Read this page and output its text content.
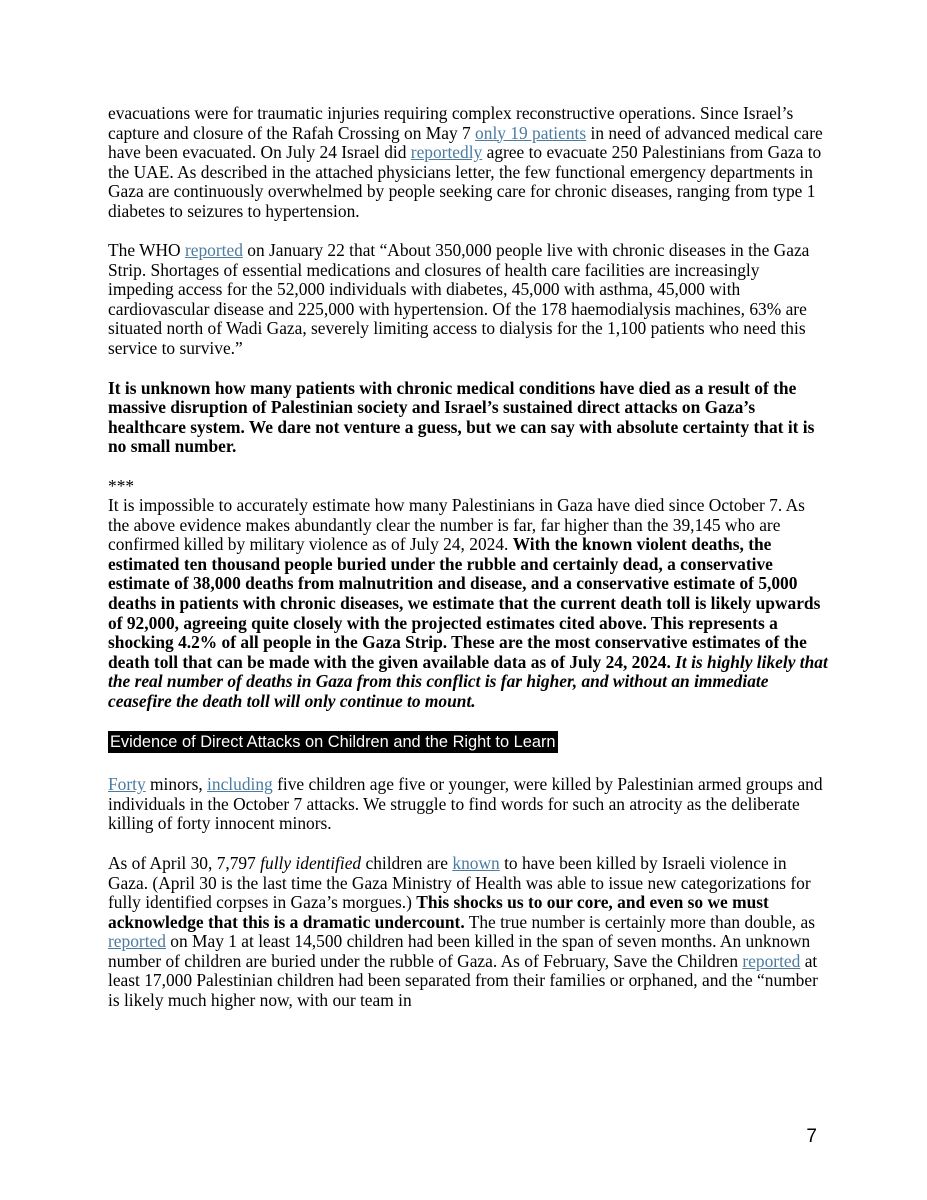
evacuations were for traumatic injuries requiring complex reconstructive operations. Since Israel’s capture and closure of the Rafah Crossing on May 7 only 19 patients in need of advanced medical care have been evacuated. On July 24 Israel did reportedly agree to evacuate 250 Palestinians from Gaza to the UAE. As described in the attached physicians letter, the few functional emergency departments in Gaza are continuously overwhelmed by people seeking care for chronic diseases, ranging from type 1 diabetes to seizures to hypertension.

The WHO reported on January 22 that “About 350,000 people live with chronic diseases in the Gaza Strip. Shortages of essential medications and closures of health care facilities are increasingly impeding access for the 52,000 individuals with diabetes, 45,000 with asthma, 45,000 with cardiovascular disease and 225,000 with hypertension. Of the 178 haemodialysis machines, 63% are situated north of Wadi Gaza, severely limiting access to dialysis for the 1,100 patients who need this service to survive.”

It is unknown how many patients with chronic medical conditions have died as a result of the massive disruption of Palestinian society and Israel’s sustained direct attacks on Gaza’s healthcare system. We dare not venture a guess, but we can say with absolute certainty that it is no small number.

***

It is impossible to accurately estimate how many Palestinians in Gaza have died since October 7. As the above evidence makes abundantly clear the number is far, far higher than the 39,145 who are confirmed killed by military violence as of July 24, 2024. With the known violent deaths, the estimated ten thousand people buried under the rubble and certainly dead, a conservative estimate of 38,000 deaths from malnutrition and disease, and a conservative estimate of 5,000 deaths in patients with chronic diseases, we estimate that the current death toll is likely upwards of 92,000, agreeing quite closely with the projected estimates cited above. This represents a shocking 4.2% of all people in the Gaza Strip. These are the most conservative estimates of the death toll that can be made with the given available data as of July 24, 2024. It is highly likely that the real number of deaths in Gaza from this conflict is far higher, and without an immediate ceasefire the death toll will only continue to mount.

Evidence of Direct Attacks on Children and the Right to Learn

Forty minors, including five children age five or younger, were killed by Palestinian armed groups and individuals in the October 7 attacks. We struggle to find words for such an atrocity as the deliberate killing of forty innocent minors.

As of April 30, 7,797 fully identified children are known to have been killed by Israeli violence in Gaza. (April 30 is the last time the Gaza Ministry of Health was able to issue new categorizations for fully identified corpses in Gaza’s morgues.) This shocks us to our core, and even so we must acknowledge that this is a dramatic undercount. The true number is certainly more than double, as reported on May 1 at least 14,500 children had been killed in the span of seven months. An unknown number of children are buried under the rubble of Gaza. As of February, Save the Children reported at least 17,000 Palestinian children had been separated from their families or orphaned, and the “number is likely much higher now, with our team in

7
